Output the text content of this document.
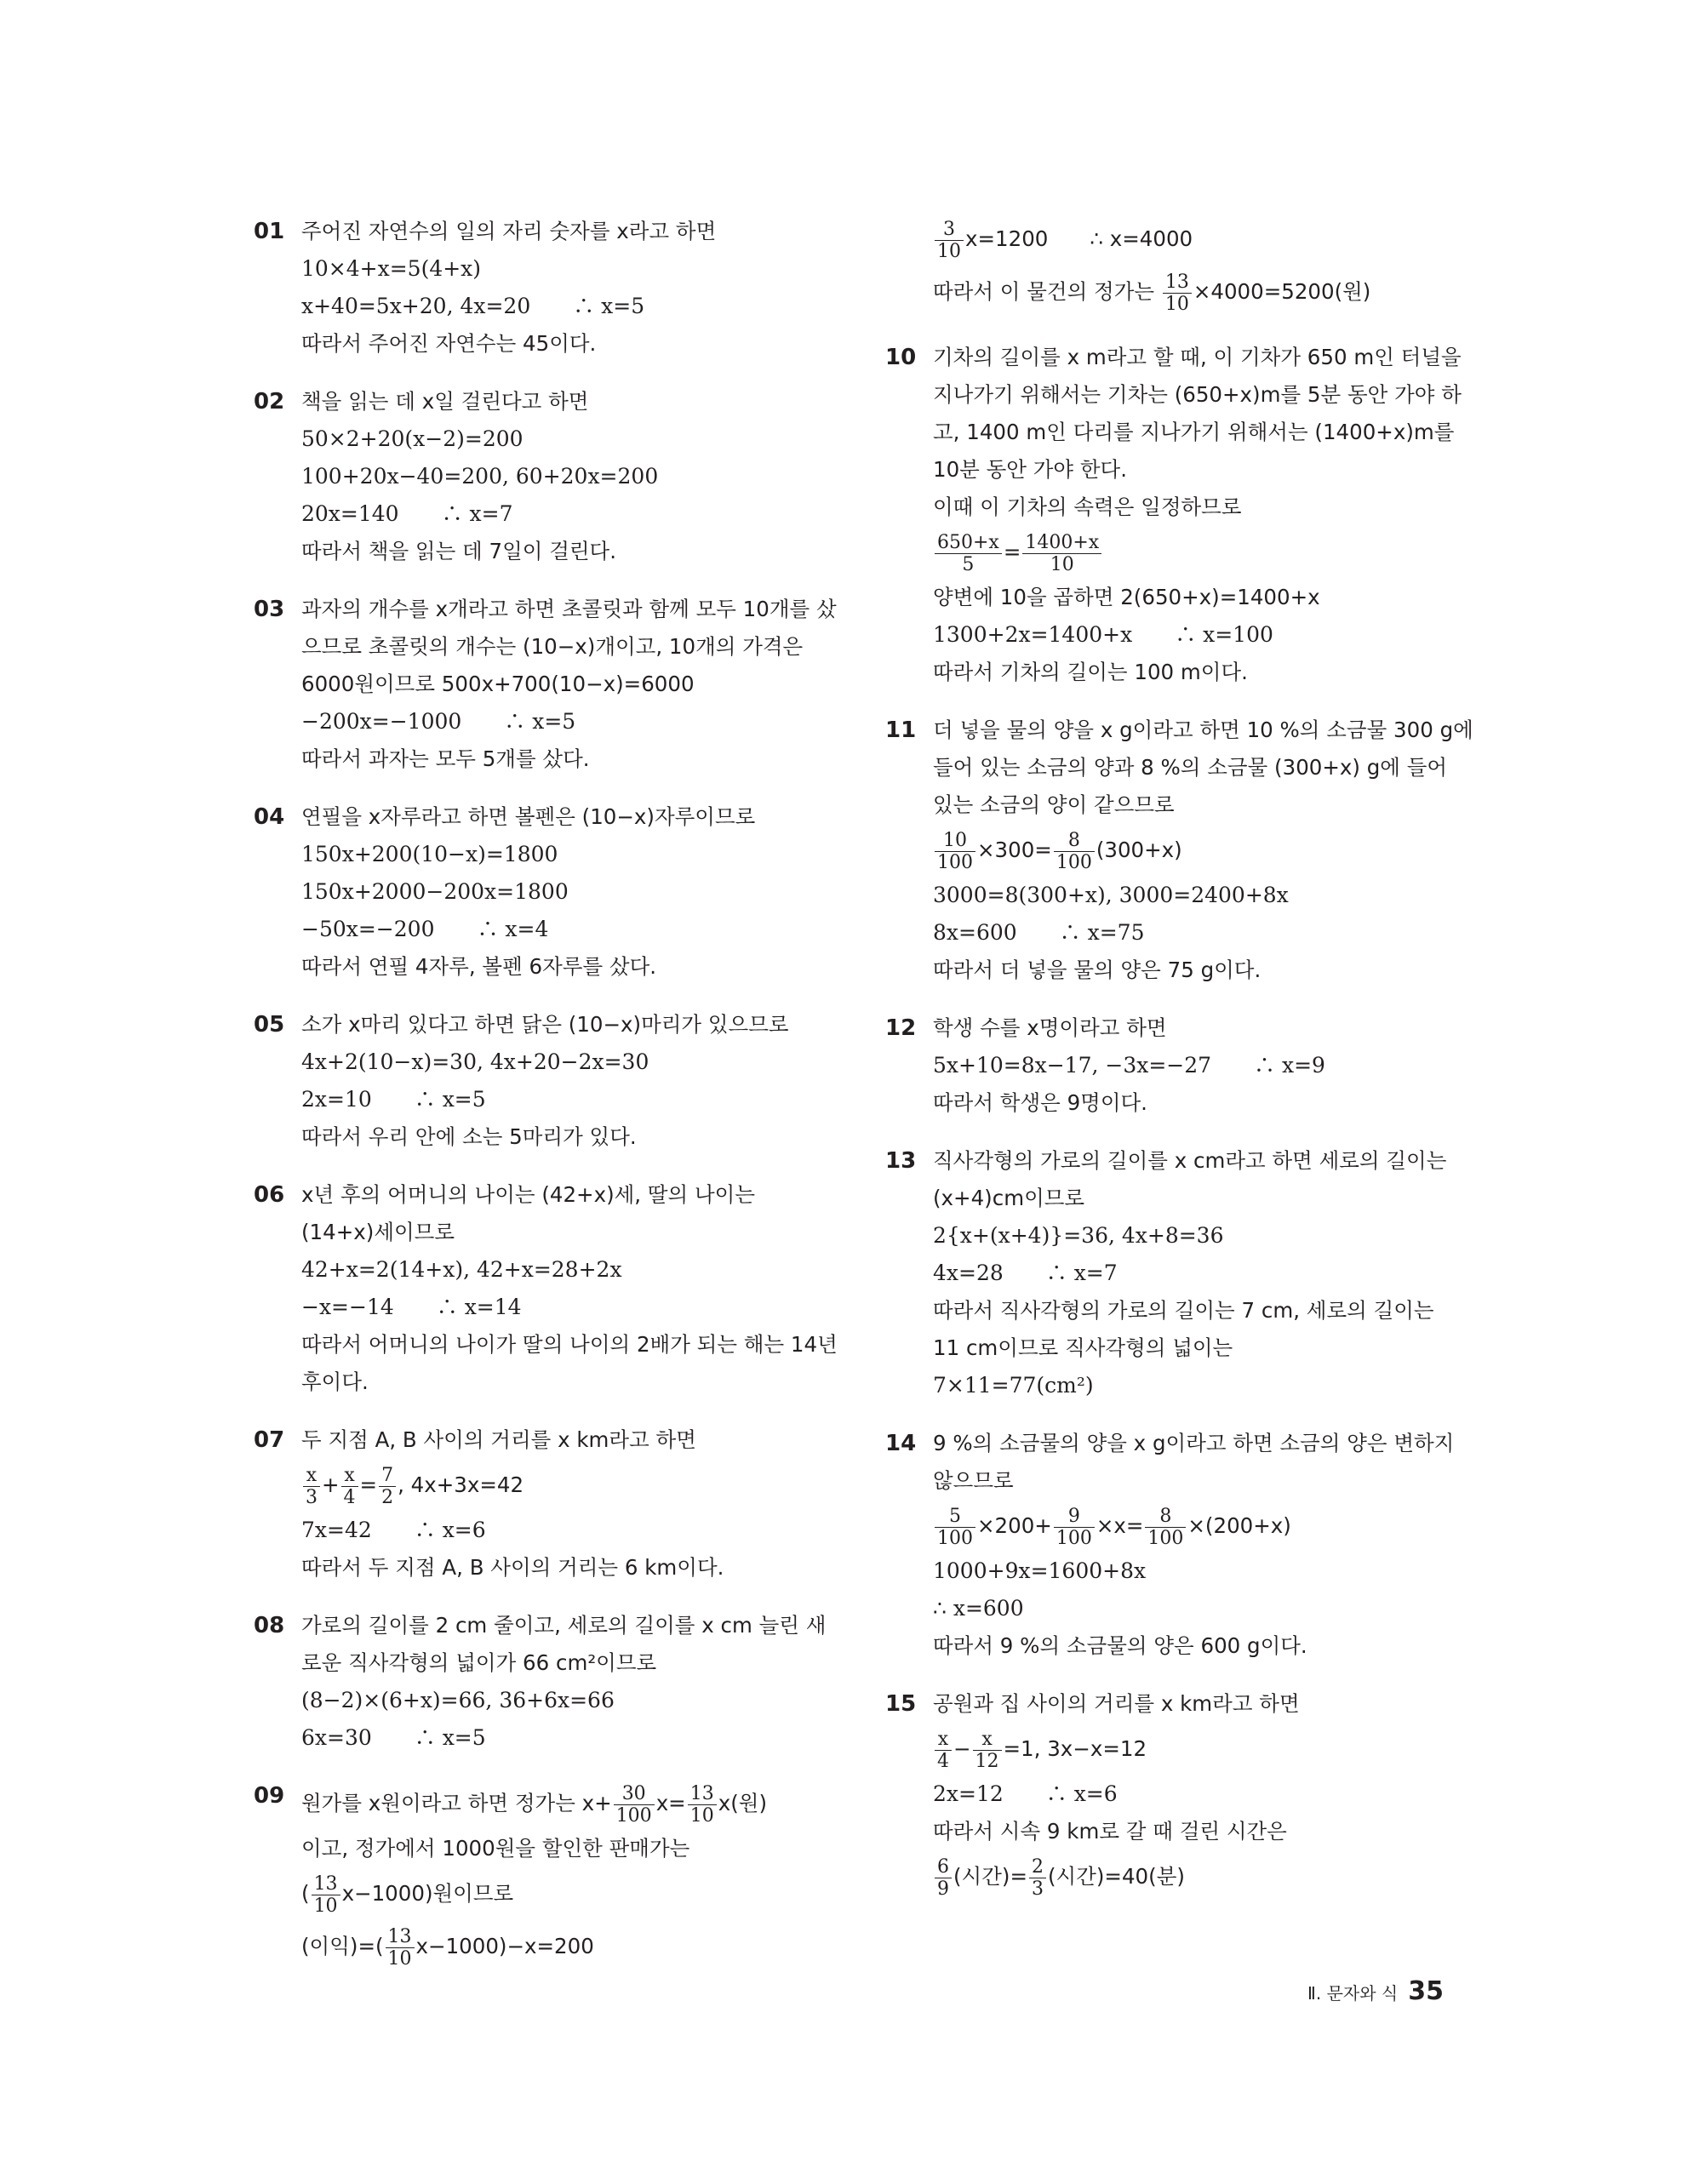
01 주어진 자연수의 일의 자리 숫자를 x라고 하면
10×4+x=5(4+x)
x+40=5x+20, 4x=20　　∴ x=5
따라서 주어진 자연수는 45이다.
02 책을 읽는 데 x일 걸린다고 하면
50×2+20(x−2)=200
100+20x−40=200, 60+20x=200
20x=140　　∴ x=7
따라서 책을 읽는 데 7일이 걸린다.
03 과자의 개수를 x개라고 하면 초콜릿과 함께 모두 10개를 샀
으므로 초콜릿의 개수는 (10−x)개이고, 10개의 가격은
6000원이므로 500x+700(10−x)=6000
−200x=−1000　　∴ x=5
따라서 과자는 모두 5개를 샀다.
04 연필을 x자루라고 하면 볼펜은 (10−x)자루이므로
150x+200(10−x)=1800
150x+2000−200x=1800
−50x=−200　　∴ x=4
따라서 연필 4자루, 볼펜 6자루를 샀다.
05 소가 x마리 있다고 하면 닭은 (10−x)마리가 있으므로
4x+2(10−x)=30, 4x+20−2x=30
2x=10　　∴ x=5
따라서 우리 안에 소는 5마리가 있다.
06 x년 후의 어머니의 나이는 (42+x)세, 딸의 나이는
(14+x)세이므로
42+x=2(14+x), 42+x=28+2x
−x=−14　　∴ x=14
따라서 어머니의 나이가 딸의 나이의 2배가 되는 해는 14년
후이다.
07 두 지점 A, B 사이의 거리를 x km라고 하면
$\frac{x}{3} + \frac{x}{4} = \frac{7}{2}$ , 4x+3x=42
7x=42　　∴ x=6
따라서 두 지점 A, B 사이의 거리는 6 km이다.
08 가로의 길이를 2 cm 줄이고, 세로의 길이를 x cm 늘린 새
로운 직사각형의 넓이가 66 cm²이므로
(8−2)×(6+x)=66, 36+6x=66
6x=30　　∴ x=5
09 원가를 x원이라고 하면 정가는 $x+ \frac{30}{100} x= \frac{13}{10} x$(원)
이고, 정가에서 1000원을 할인한 판매가는
( $\frac{13}{10} x-1000$)원이므로
(이익)=( $\frac{13}{10} x-1000)-x=200$
$\frac{3}{10} x=1200$　　∴ x=4000
따라서 이 물건의 정가는 $\frac{13}{10} \times 4000=5200$(원)
10 기차의 길이를 x m라고 할 때, 이 기차가 650 m인 터널을
지나가기 위해서는 기차는 (650+x)m를 5분 동안 가야 하
고, 1400 m인 다리를 지나가기 위해서는 (1400+x)m를
10분 동안 가야 한다.
이때 이 기차의 속력은 일정하므로
$\frac{650+x}{5} = \frac{1400+x}{10}$
양변에 10을 곱하면 2(650+x)=1400+x
1300+2x=1400+x　　∴ x=100
따라서 기차의 길이는 100 m이다.
11 더 넣을 물의 양을 x g이라고 하면 10 %의 소금물 300 g에
들어 있는 소금의 양과 8 %의 소금물 (300+x) g에 들어
있는 소금의 양이 같으므로
$\frac{10}{100} \times 300= \frac{8}{100} (300+x)$
3000=8(300+x), 3000=2400+8x
8x=600　　∴ x=75
따라서 더 넣을 물의 양은 75 g이다.
12 학생 수를 x명이라고 하면
5x+10=8x−17, −3x=−27　　∴ x=9
따라서 학생은 9명이다.
13 직사각형의 가로의 길이를 x cm라고 하면 세로의 길이는
(x+4)cm이므로
2{x+(x+4)}=36, 4x+8=36
4x=28　　∴ x=7
따라서 직사각형의 가로의 길이는 7 cm, 세로의 길이는
11 cm이므로 직사각형의 넓이는
7×11=77(cm²)
14 9 %의 소금물의 양을 x g이라고 하면 소금의 양은 변하지
않으므로
$\frac{5}{100} \times 200+ \frac{9}{100} \times x= \frac{8}{100} \times(200+x)$
1000+9x=1600+8x
∴ x=600
따라서 9 %의 소금물의 양은 600 g이다.
15 공원과 집 사이의 거리를 x km라고 하면
$\frac{x}{4} - \frac{x}{12} =1$, 3x−x=12
2x=12　　∴ x=6
따라서 시속 9 km로 갈 때 걸린 시간은
$\frac{6}{9}$ (시간)= $\frac{2}{3}$ (시간)=40(분)
Ⅱ. 문자와 식 35
